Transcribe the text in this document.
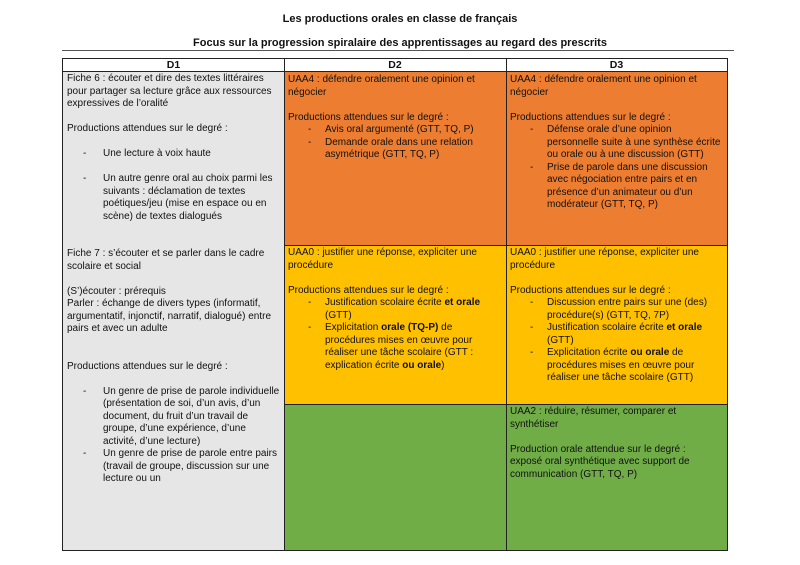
Les productions orales en classe de français
Focus sur la progression spiralaire des apprentissages au regard des prescrits
D1	D2	D3

Fiche 6 : écouter et dire des textes littéraires pour partager sa lecture grâce aux ressources expressives de l’oralité

Productions attendues sur le degré :

- Une lecture à voix haute
- Un autre genre oral au choix parmi les suivants : déclamation de textes poétiques/jeu (mise en espace ou en scène) de textes dialogués

Fiche 7 : s’écouter et se parler dans le cadre scolaire et social

(S’)écouter : prérequis

Parler : échange de divers types (informatif, argumentatif, injonctif, narratif, dialogué) entre pairs et avec un adulte

Productions attendues sur le degré :

- Un genre de prise de parole individuelle (présentation de soi, d’un avis, d’un document, du fruit d’un travail de groupe, d’une expérience, d’une activité, d’une lecture)
- Un genre de prise de parole entre pairs (travail de groupe, discussion sur une lecture ou un

UAA4 : défendre oralement une opinion et négocier

Productions attendues sur le degré :

- Avis oral argumenté (GTT, TQ, P)
- Demande orale dans une relation asymétrique (GTT, TQ, P)

UAA0 : justifier une réponse, expliciter une procédure

Productions attendues sur le degré :

- Justification scolaire écrite et orale (GTT)
- Explicitation orale (TQ-P) de procédures mises en œuvre pour réaliser une tâche scolaire (GTT : explication écrite ou orale)

UAA4 : défendre oralement une opinion et négocier

Productions attendues sur le degré :

- Défense orale d’une opinion personnelle suite à une synthèse écrite ou orale ou à une discussion (GTT)
- Prise de parole dans une discussion avec négociation entre pairs et en présence d’un animateur ou d’un modérateur (GTT, TQ, P)

UAA0 : justifier une réponse, expliciter une procédure

Productions attendues sur le degré :

- Discussion entre pairs sur une (des) procédure(s) (GTT, TQ, 7P)
- Justification scolaire écrite et orale (GTT)
- Explicitation écrite ou orale de procédures mises en œuvre pour réaliser une tâche scolaire (GTT)

UAA2 : réduire, résumer, comparer et synthétiser

Production orale attendue sur le degré :

exposé oral synthétique avec support de communication (GTT, TQ, P)
